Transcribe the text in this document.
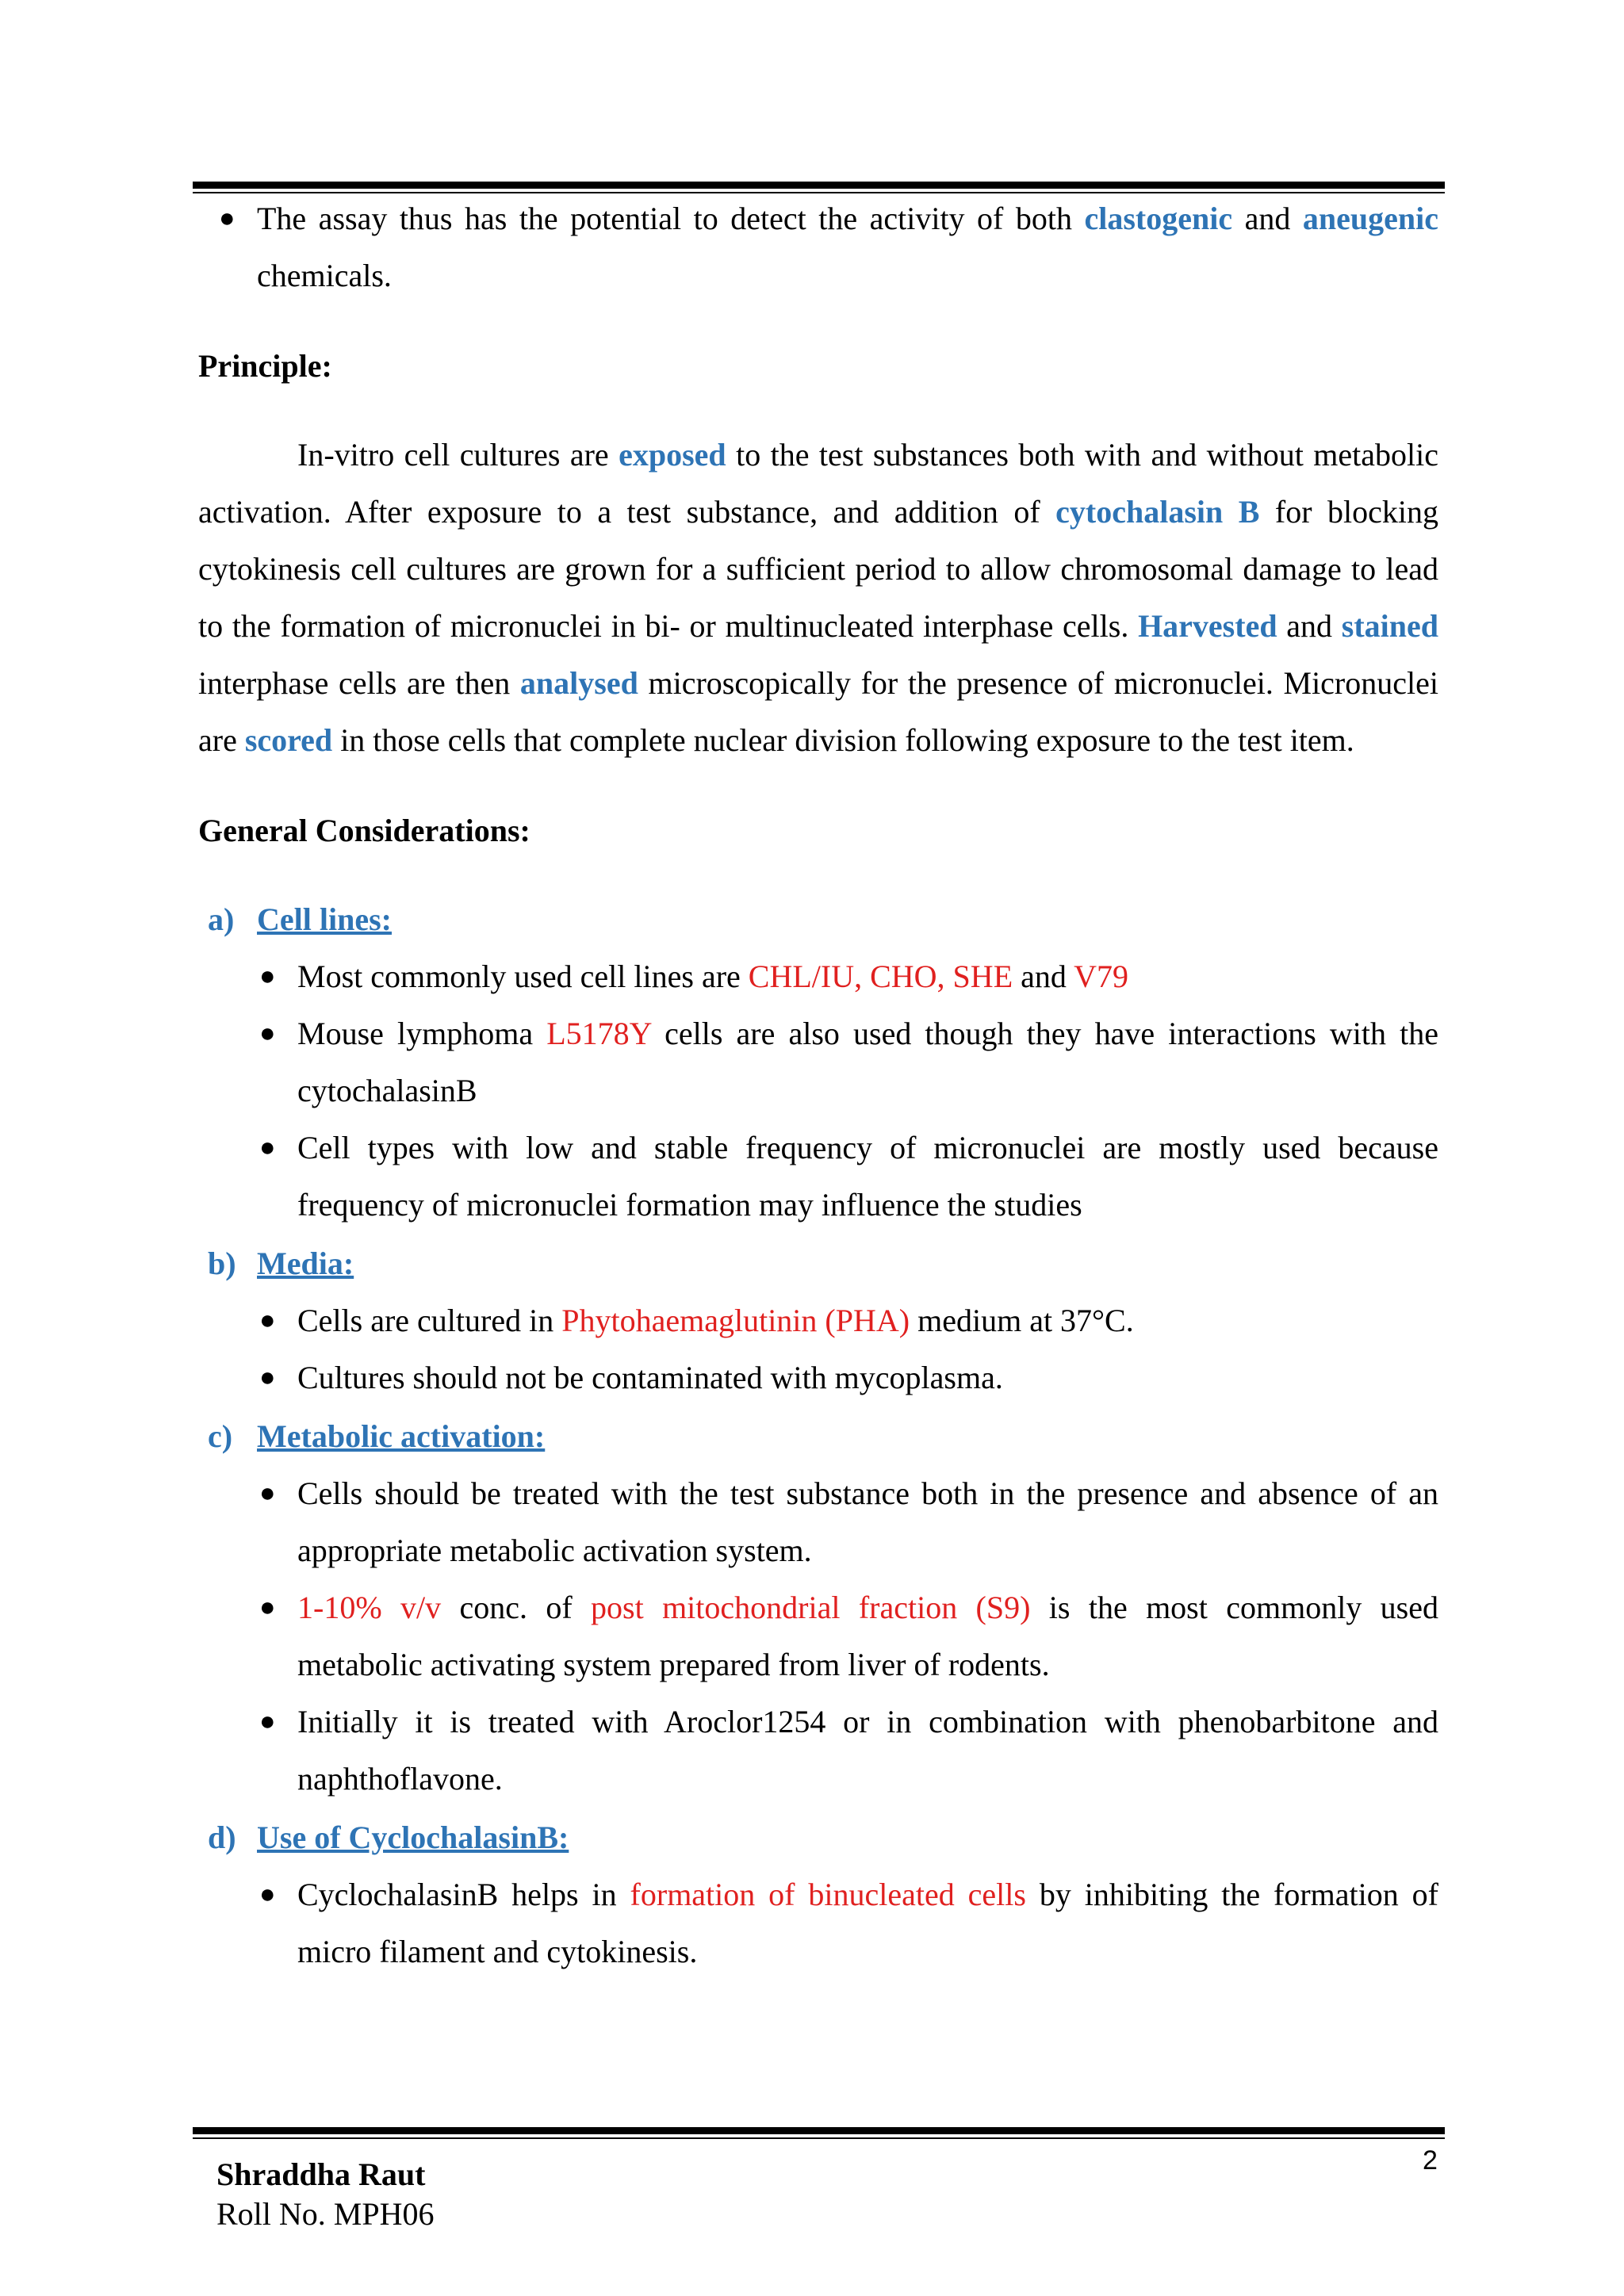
● The assay thus has the potential to detect the activity of both clastogenic and aneugenic chemicals.

Principle:

In-vitro cell cultures are exposed to the test substances both with and without metabolic activation. After exposure to a test substance, and addition of cytochalasin B for blocking cytokinesis cell cultures are grown for a sufficient period to allow chromosomal damage to lead to the formation of micronuclei in bi- or multinucleated interphase cells. Harvested and stained interphase cells are then analysed microscopically for the presence of micronuclei. Micronuclei are scored in those cells that complete nuclear division following exposure to the test item.

General Considerations:
a) Cell lines:
● Most commonly used cell lines are CHL/IU, CHO, SHE and V79

● Mouse lymphoma L5178Y cells are also used though they have interactions with the cytochalasinB

● Cell types with low and stable frequency of micronuclei are mostly used because frequency of micronuclei formation may influence the studies

b) Media:
● Cells are cultured in Phytohaemaglutinin (PHA) medium at 37°C.

● Cultures should not be contaminated with mycoplasma.

c) Metabolic activation:
● Cells should be treated with the test substance both in the presence and absence of an appropriate metabolic activation system.

● 1-10% v/v conc. of post mitochondrial fraction (S9) is the most commonly used metabolic activating system prepared from liver of rodents.

● Initially it is treated with Aroclor1254 or in combination with phenobarbitone and naphthoflavone.

d) Use of CyclochalasinB:
● CyclochalasinB helps in formation of binucleated cells by inhibiting the formation of micro filament and cytokinesis.

Shraddha Raut
Roll No. MPH06
2
